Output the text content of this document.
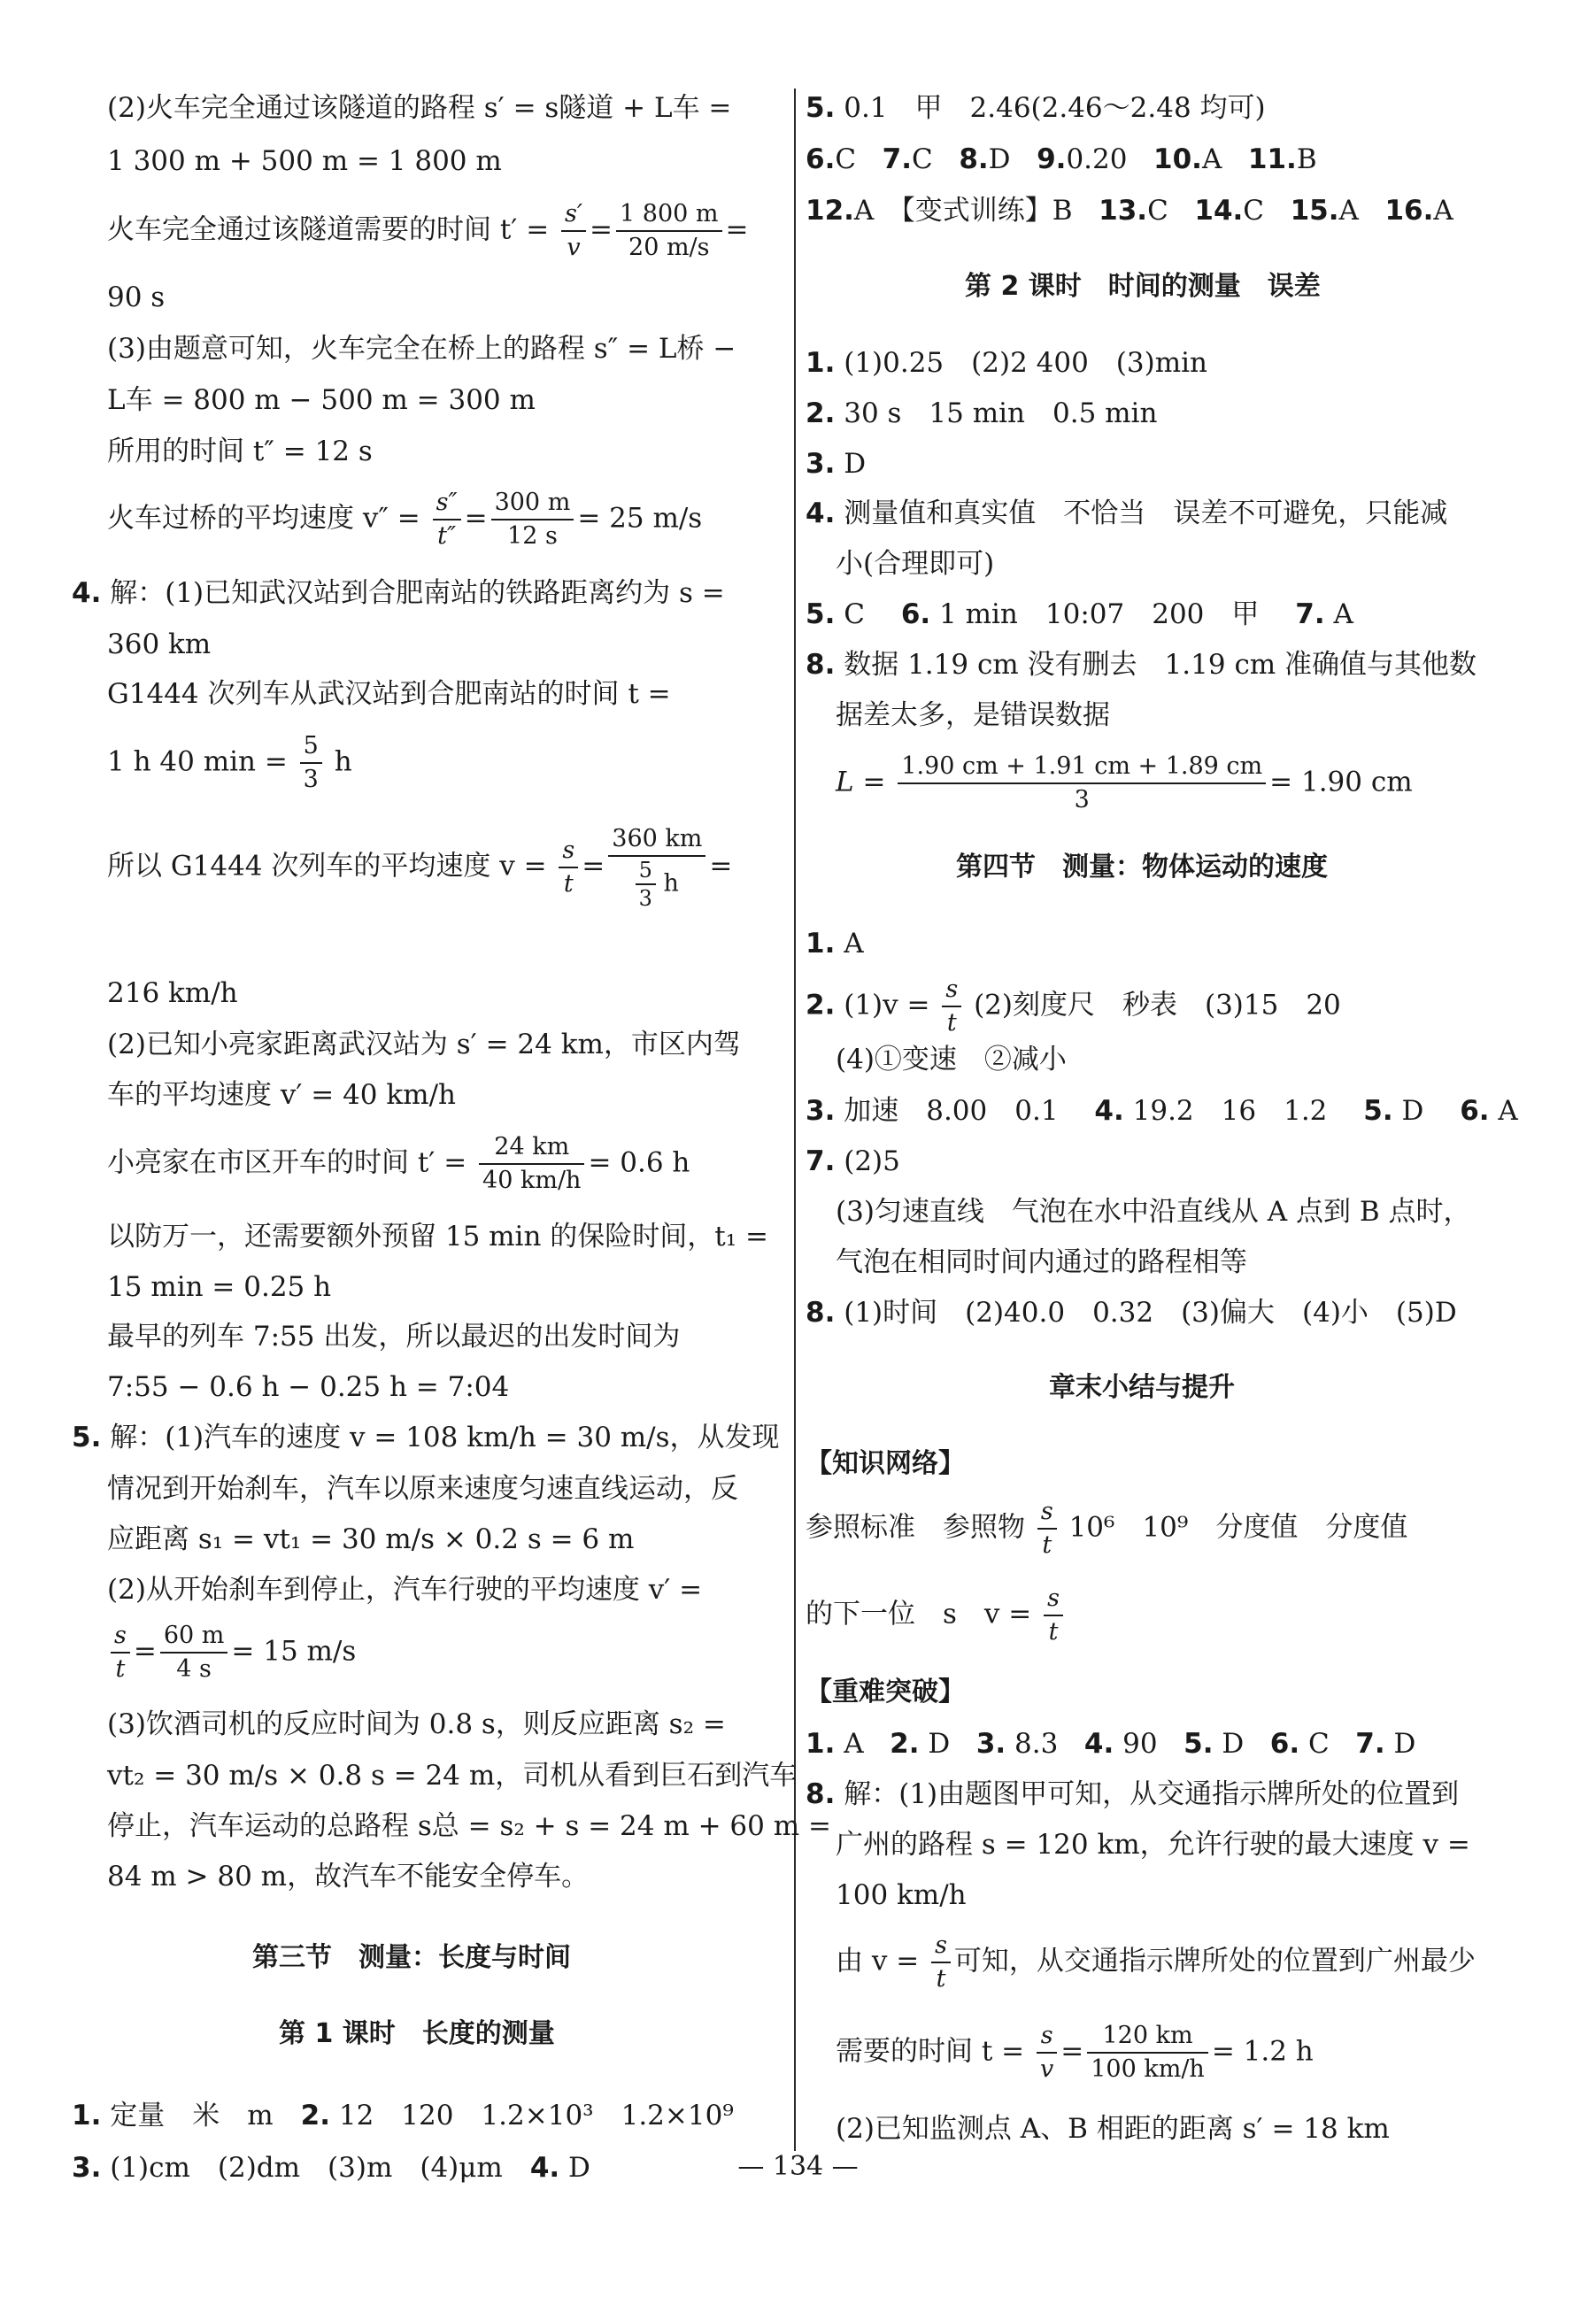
(2)火车完全通过该隧道的路程 s′ = s隧道 + L车 =
1 300 m + 500 m = 1 800 m
火车完全通过该隧道需要的时间 $t' = \frac{s'}{v} = \frac{1 800 m}{20 m/s}$ =
90 s
(3)由题意可知，火车完全在桥上的路程 s″ = L桥 −
L车 = 800 m − 500 m = 300 m
所用的时间 t″ = 12 s
火车过桥的平均速度 $v'' = \frac{s''}{t''} = \frac{300 m}{12 s} = 25$ m/s
4. 解：(1)已知武汉站到合肥南站的铁路距离约为 s =
360 km
G1444 次列车从武汉站到合肥南站的时间 t =
1 h 40 $\min = \frac{5}{3}$ h
所以 G1444 次列车的平均速度 $v = \frac{s}{t} = \frac{360 km}{\frac{5}{3} h}$ =
216 km/h
(2)已知小亮家距离武汉站为 s′ = 24 km，市区内驾
车的平均速度 v′ = 40 km/h
小亮家在市区开车的时间 $t' = \frac{24 km}{40 km/h} = 0.6$ h
以防万一，还需要额外预留 15 min 的保险时间，t₁ =
15 min = 0.25 h
最早的列车 7:55 出发，所以最迟的出发时间为
7:55 − 0.6 h − 0.25 h = 7:04
5. 解：(1)汽车的速度 v = 108 km/h = 30 m/s，从发现
情况到开始刹车，汽车以原来速度匀速直线运动，反
应距离 s₁ = vt₁ = 30 m/s × 0.2 s = 6 m
(2)从开始刹车到停止，汽车行驶的平均速度 v′ =
$\frac{s}{t} = \frac{60 m}{4 s} = 15$ m/s
(3)饮酒司机的反应时间为 0.8 s，则反应距离 s₂ =
vt₂ = 30 m/s × 0.8 s = 24 m，司机从看到巨石到汽车
停止，汽车运动的总路程 s总 = s₂ + s = 24 m + 60 m =
84 m > 80 m，故汽车不能安全停车。
第三节　测量：长度与时间
第 1 课时　长度的测量
1. 定量　米　m　2. 12　120　1.2×10³　1.2×10⁹
3. (1)cm　(2)dm　(3)m　(4)μm　4. D
5. 0.1　甲　2.46(2.46～2.48 均可)
6.C 7.C 8.D 9.0.20 10.A 11.B
12.A　【变式训练】B 13.C 14.C 15.A 16.A
第 2 课时　时间的测量　误差
1. (1)0.25　(2)2 400　(3)min
2. 30 s　15 min　0.5 min
3. D
4. 测量值和真实值　不恰当　误差不可避免，只能减
小(合理即可)
5. C　 6. 1 min　10:07　200　甲　 7. A
8. 数据 1.19 cm 没有删去　1.19 cm 准确值与其他数
据差太多，是错误数据
$L = \frac{1.90 cm + 1.91 cm + 1.89 cm}{3} = 1.90$ cm
第四节　测量：物体运动的速度
1. A
2. $(1)v = \frac{s}{t} (2)$刻度尺　秒表　(3)15　20
(4)①变速　②减小
3. 加速　8.00　0.1　 4. 19.2　16　1.2　 5. D　 6. A
7. (2)5
(3)匀速直线　气泡在水中沿直线从 A 点到 B 点时，
气泡在相同时间内通过的路程相等
8. (1)时间　(2)40.0　0.32　(3)偏大　(4)小　(5)D
章末小结与提升
【知识网络】
参照标准　参照物 $\frac{s}{t} 10^6$　10⁹　分度值　分度值
的下一位　s　$v = \frac{s}{t}$
【重难突破】
1. A 2. D 3. 8.3 4. 90 5. D 6. C 7. D
8. 解：(1)由题图甲可知，从交通指示牌所处的位置到
广州的路程 s = 120 km，允许行驶的最大速度 v =
100 km/h
由 $v = \frac{s}{t}$ 可知，从交通指示牌所处的位置到广州最少
需要的时间 $t = \frac{s}{v} = \frac{120 km}{100 km/h} = 1.2$ h
(2)已知监测点 A、B 相距的距离 s′ = 18 km
— 134 —
